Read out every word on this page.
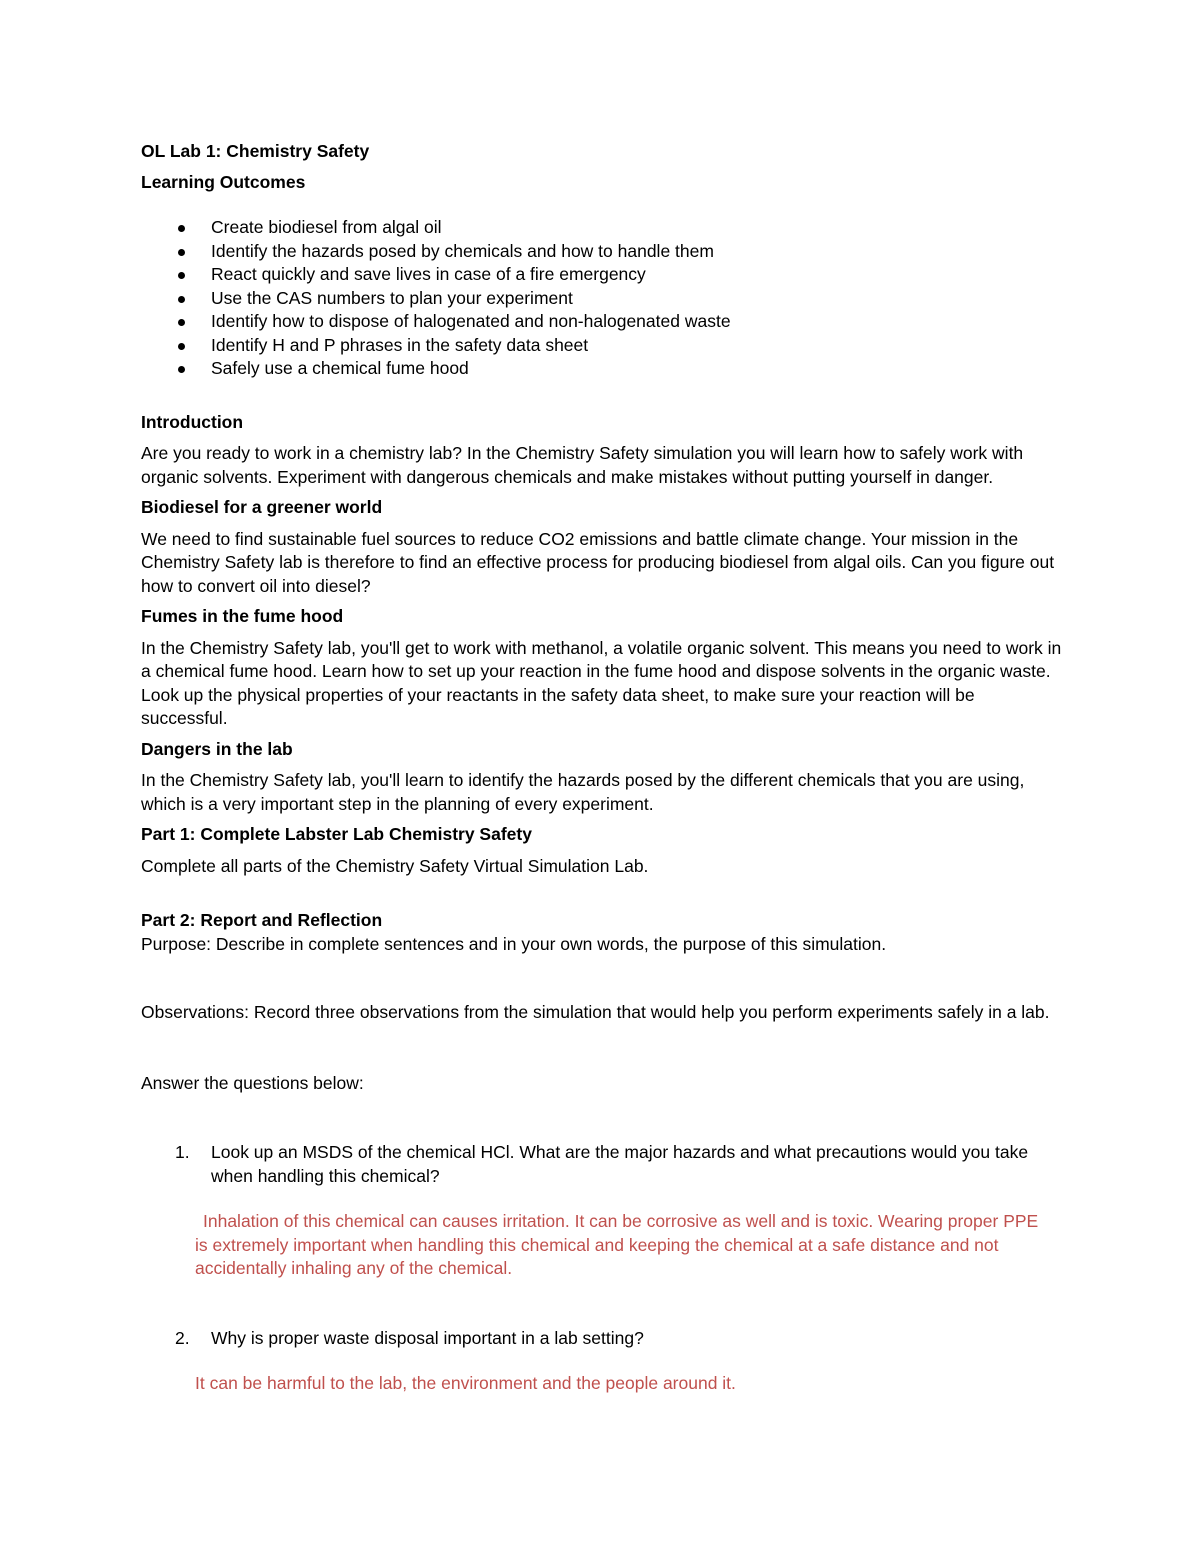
OL Lab 1: Chemistry Safety
Learning Outcomes
Create biodiesel from algal oil
Identify the hazards posed by chemicals and how to handle them
React quickly and save lives in case of a fire emergency
Use the CAS numbers to plan your experiment
Identify how to dispose of halogenated and non-halogenated waste
Identify H and P phrases in the safety data sheet
Safely use a chemical fume hood
Introduction

Are you ready to work in a chemistry lab? In the Chemistry Safety simulation you will learn how to safely work with organic solvents. Experiment with dangerous chemicals and make mistakes without putting yourself in danger.

Biodiesel for a greener world

We need to find sustainable fuel sources to reduce CO2 emissions and battle climate change. Your mission in the Chemistry Safety lab is therefore to find an effective process for producing biodiesel from algal oils. Can you figure out how to convert oil into diesel?

Fumes in the fume hood

In the Chemistry Safety lab, you'll get to work with methanol, a volatile organic solvent. This means you need to work in a chemical fume hood. Learn how to set up your reaction in the fume hood and dispose solvents in the organic waste. Look up the physical properties of your reactants in the safety data sheet, to make sure your reaction will be successful.

Dangers in the lab

In the Chemistry Safety lab, you'll learn to identify the hazards posed by the different chemicals that you are using, which is a very important step in the planning of every experiment.

Part 1: Complete Labster Lab Chemistry Safety

Complete all parts of the Chemistry Safety Virtual Simulation Lab.

Part 2: Report and Reflection

Purpose: Describe in complete sentences and in your own words, the purpose of this simulation.

Observations: Record three observations from the simulation that would help you perform experiments safely in a lab.

Answer the questions below:

1. Look up an MSDS of the chemical HCl. What are the major hazards and what precautions would you take when handling this chemical?

Inhalation of this chemical can causes irritation. It can be corrosive as well and is toxic. Wearing proper PPE is extremely important when handling this chemical and keeping the chemical at a safe distance and not accidentally inhaling any of the chemical.

2. Why is proper waste disposal important in a lab setting?

It can be harmful to the lab, the environment and the people around it.
